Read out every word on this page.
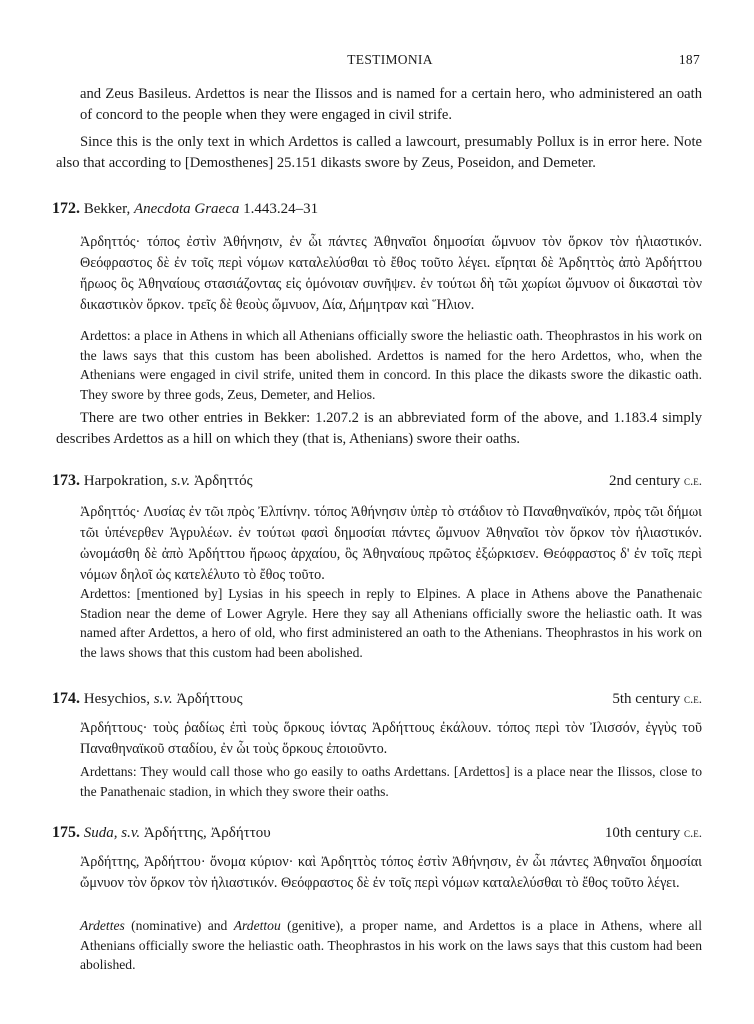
TESTIMONIA	187

and Zeus Basileus. Ardettos is near the Ilissos and is named for a certain hero, who administered an oath of concord to the people when they were engaged in civil strife.

Since this is the only text in which Ardettos is called a lawcourt, presumably Pollux is in error here. Note also that according to [Demosthenes] 25.151 dikasts swore by Zeus, Poseidon, and Demeter.

172. Bekker, Anecdota Graeca 1.443.24–31

Ἀρδηττός· τόπος ἐστὶν Ἀθήνησιν, ἐν ὧι πάντες Ἀθηναῖοι δημοσίαι ὤμνυον τὸν ὅρκον τὸν ἡλιαστικόν. Θεόφραστος δὲ ἐν τοῖς περὶ νόμων καταλελύσθαι τὸ ἔθος τοῦτο λέγει. εἴρηται δὲ Ἀρδηττὸς ἀπὸ Ἀρδήττου ἥρωος ὃς Ἀθηναίους στασιάζοντας εἰς ὁμόνοιαν συνῆψεν. ἐν τούτωι δὴ τῶι χωρίωι ὤμνυον οἱ δικασταὶ τὸν δικαστικὸν ὅρκον. τρεῖς δὲ θεοὺς ὤμνυον, Δία, Δήμητραν καὶ Ἥλιον.

Ardettos: a place in Athens in which all Athenians officially swore the heliastic oath. Theophrastos in his work on the laws says that this custom has been abolished. Ardettos is named for the hero Ardettos, who, when the Athenians were engaged in civil strife, united them in concord. In this place the dikasts swore the dikastic oath. They swore by three gods, Zeus, Demeter, and Helios.

There are two other entries in Bekker: 1.207.2 is an abbreviated form of the above, and 1.183.4 simply describes Ardettos as a hill on which they (that is, Athenians) swore their oaths.

173. Harpokration, s.v. Ἀρδηττός	2nd century c.e.

Ἀρδηττός· Λυσίας ἐν τῶι πρὸς Ἐλπίνην. τόπος Ἀθήνησιν ὑπὲρ τὸ στάδιον τὸ Παναθηναϊκόν, πρὸς τῶι δήμωι τῶι ὑπένερθεν Ἀγρυλέων. ἐν τούτωι φασὶ δημοσίαι πάντες ὤμνυον Ἀθηναῖοι τὸν ὅρκον τὸν ἡλιαστικόν. ὠνομάσθη δὲ ἀπὸ Ἀρδήττου ἥρωος ἀρχαίου, ὃς Ἀθηναίους πρῶτος ἐξώρκισεν. Θεόφραστος δ' ἐν τοῖς περὶ νόμων δηλοῖ ὡς κατελέλυτο τὸ ἔθος τοῦτο.

Ardettos: [mentioned by] Lysias in his speech in reply to Elpines. A place in Athens above the Panathenaic Stadion near the deme of Lower Agryle. Here they say all Athenians officially swore the heliastic oath. It was named after Ardettos, a hero of old, who first administered an oath to the Athenians. Theophrastos in his work on the laws shows that this custom had been abolished.

174. Hesychios, s.v. Ἀρδήττους	5th century c.e.

Ἀρδήττους· τοὺς ῥαδίως ἐπὶ τοὺς ὅρκους ἰόντας Ἀρδήττους ἐκάλουν. τόπος περὶ τὸν Ἰλισσόν, ἐγγὺς τοῦ Παναθηναϊκοῦ σταδίου, ἐν ὧι τοὺς ὅρκους ἐποιοῦντο.

Ardettans: They would call those who go easily to oaths Ardettans. [Ardettos] is a place near the Ilissos, close to the Panathenaic stadion, in which they swore their oaths.

175. Suda, s.v. Ἀρδήττης, Ἀρδήττου	10th century c.e.

Ἀρδήττης, Ἀρδήττου· ὄνομα κύριον· καὶ Ἀρδηττὸς τόπος ἐστὶν Ἀθήνησιν, ἐν ὧι πάντες Ἀθηναῖοι δημοσίαι ὤμνυον τὸν ὅρκον τὸν ἡλιαστικόν. Θεόφραστος δὲ ἐν τοῖς περὶ νόμων καταλελύσθαι τὸ ἔθος τοῦτο λέγει.

Ardettes (nominative) and Ardettou (genitive), a proper name, and Ardettos is a place in Athens, where all Athenians officially swore the heliastic oath. Theophrastos in his work on the laws says that this custom had been abolished.
